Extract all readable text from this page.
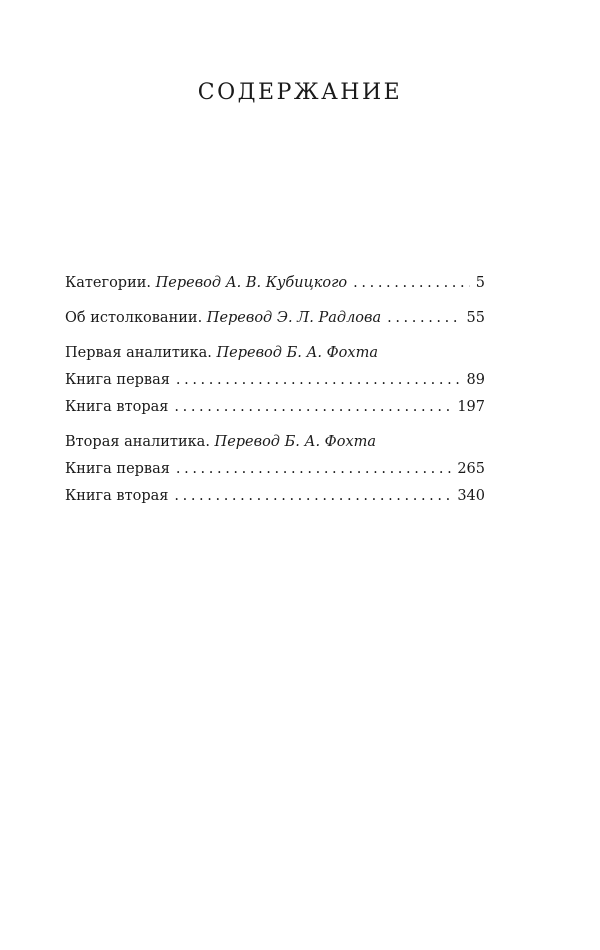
СОДЕРЖАНИЕ
Категории. Перевод А. В. Кубицкого . . .	5
Об истолковании. Перевод Э. Л. Радлова . . .	55
Первая аналитика. Перевод Б. А. Фохта
Книга первая . . .	89
Книга вторая . . .	197
Вторая аналитика. Перевод Б. А. Фохта
Книга первая . . .	265
Книга вторая . . .	340
